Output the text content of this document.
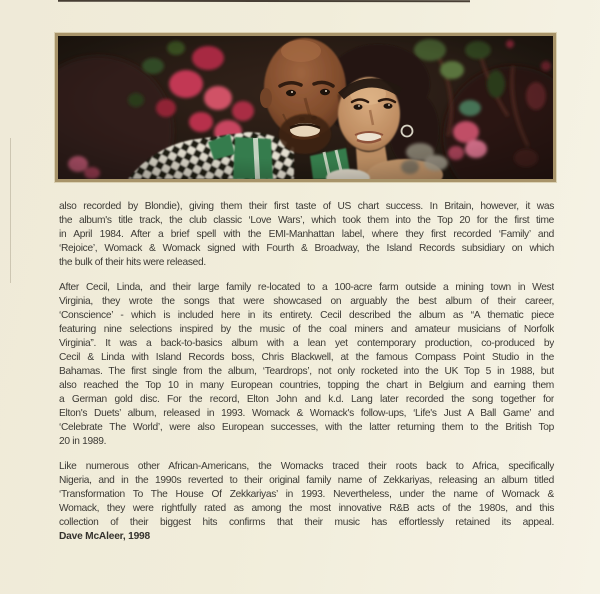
also recorded by Blondie), giving them their first taste of US chart success. In Britain, however, it was
the album's title track, the club classic ‘Love Wars’, which took them into the Top 20 for the first time
in April 1984. After a brief spell with the EMI-Manhattan label, where they first recorded ‘Family’ and
‘Rejoice’, Womack & Womack signed with Fourth & Broadway, the Island Records subsidiary on which
the bulk of their hits were released.
After Cecil, Linda, and their large family re-located to a 100-acre farm outside a mining town in West
Virginia, they wrote the songs that were showcased on arguably the best album of their career,
‘Conscience’ - which is included here in its entirety. Cecil described the album as “A thematic piece
featuring nine selections inspired by the music of the coal miners and amateur musicians of Norfolk
Virginia”. It was a back-to-basics album with a lean yet contemporary production, co-produced by
Cecil & Linda with Island Records boss, Chris Blackwell, at the famous Compass Point Studio in the
Bahamas. The first single from the album, ‘Teardrops’, not only rocketed into the UK Top 5 in 1988, but
also reached the Top 10 in many European countries, topping the chart in Belgium and earning them
a German gold disc. For the record, Elton John and k.d. Lang later recorded the song together for
Elton's Duets’ album, released in 1993. Womack & Womack's follow-ups, ‘Life's Just A Ball Game’ and
‘Celebrate The World’, were also European successes, with the latter returning them to the British Top
20 in 1989.
Like numerous other African-Americans, the Womacks traced their roots back to Africa, specifically
Nigeria, and in the 1990s reverted to their original family name of Zekkariyas, releasing an album titled
‘Transformation To The House Of Zekkariyas’ in 1993. Nevertheless, under the name of Womack &
Womack, they were rightfully rated as among the most innovative R&B acts of the 1980s, and this
collection of their biggest hits confirms that their music has effortlessly retained its appeal.
Dave McAleer, 1998
